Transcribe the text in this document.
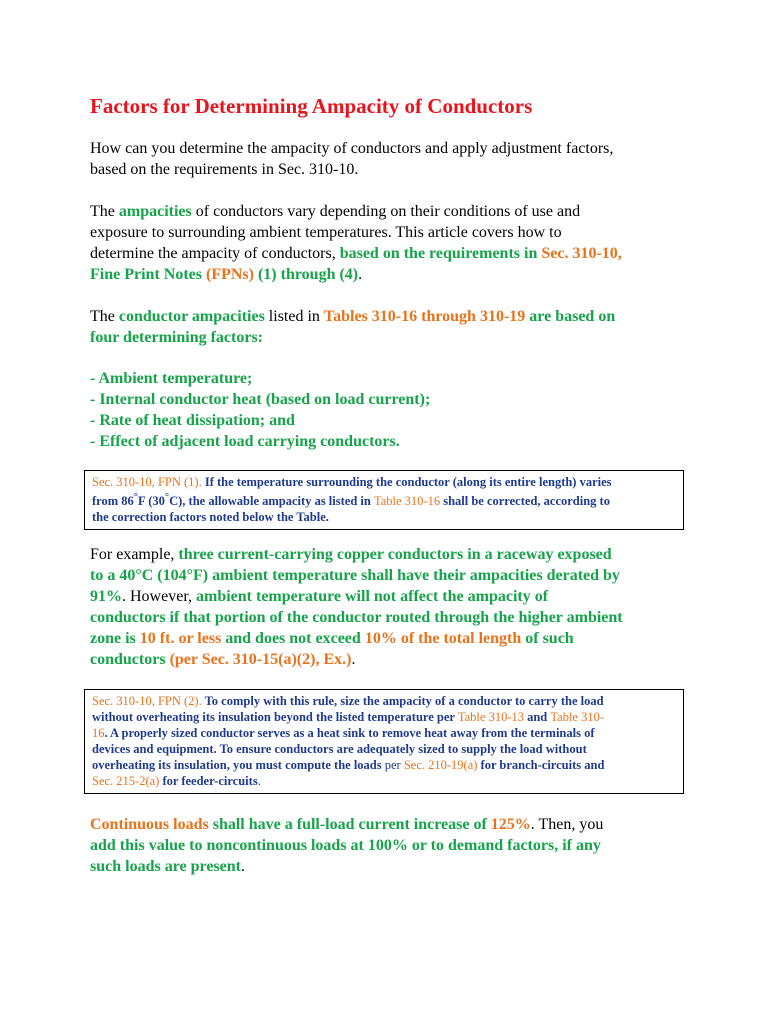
Factors for Determining Ampacity of Conductors

How can you determine the ampacity of conductors and apply adjustment factors,
based on the requirements in Sec. 310-10.

The ampacities of conductors vary depending on their conditions of use and
exposure to surrounding ambient temperatures. This article covers how to
determine the ampacity of conductors, based on the requirements in Sec. 310-10,
Fine Print Notes (FPNs) (1) through (4).

The conductor ampacities listed in Tables 310-16 through 310-19 are based on
four determining factors:

- Ambient temperature;
- Internal conductor heat (based on load current);
- Rate of heat dissipation; and
- Effect of adjacent load carrying conductors.

Sec. 310-10, FPN (1). If the temperature surrounding the conductor (along its entire length) varies
from 86°F (30°C), the allowable ampacity as listed in Table 310-16 shall be corrected, according to
the correction factors noted below the Table.

For example, three current-carrying copper conductors in a raceway exposed
to a 40°C (104°F) ambient temperature shall have their ampacities derated by
91%. However, ambient temperature will not affect the ampacity of
conductors if that portion of the conductor routed through the higher ambient
zone is 10 ft. or less and does not exceed 10% of the total length of such
conductors (per Sec. 310-15(a)(2), Ex.).

Sec. 310-10, FPN (2). To comply with this rule, size the ampacity of a conductor to carry the load
without overheating its insulation beyond the listed temperature per Table 310-13 and Table 310-
16. A properly sized conductor serves as a heat sink to remove heat away from the terminals of
devices and equipment. To ensure conductors are adequately sized to supply the load without
overheating its insulation, you must compute the loads per Sec. 210-19(a) for branch-circuits and
Sec. 215-2(a) for feeder-circuits.

Continuous loads shall have a full-load current increase of 125%. Then, you
add this value to noncontinuous loads at 100% or to demand factors, if any
such loads are present.
